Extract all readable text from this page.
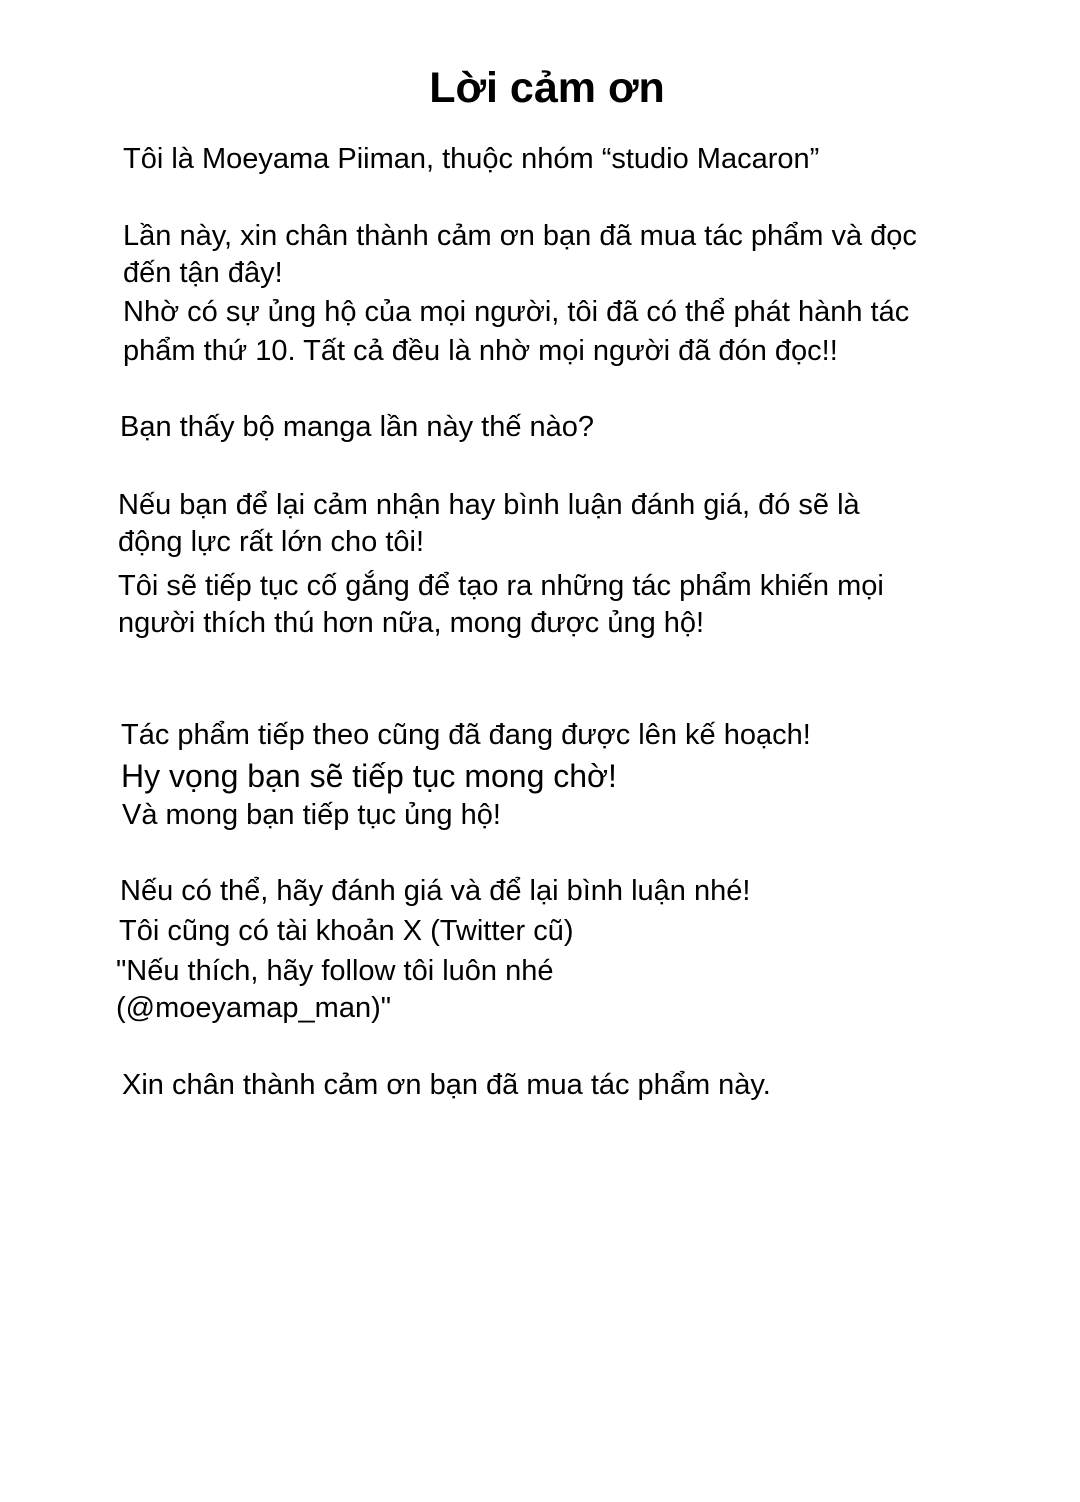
Lời cảm ơn
Tôi là Moeyama Piiman, thuộc nhóm “studio Macaron”
Lần này, xin chân thành cảm ơn bạn đã mua tác phẩm và đọc
đến tận đây!
Nhờ có sự ủng hộ của mọi người, tôi đã có thể phát hành tác
phẩm thứ 10. Tất cả đều là nhờ mọi người đã đón đọc!!
Bạn thấy bộ manga lần này thế nào?
Nếu bạn để lại cảm nhận hay bình luận đánh giá, đó sẽ là
động lực rất lớn cho tôi!
Tôi sẽ tiếp tục cố gắng để tạo ra những tác phẩm khiến mọi
người thích thú hơn nữa, mong được ủng hộ!
Tác phẩm tiếp theo cũng đã đang được lên kế hoạch!
Hy vọng bạn sẽ tiếp tục mong chờ!
Và mong bạn tiếp tục ủng hộ!
Nếu có thể, hãy đánh giá và để lại bình luận nhé!
Tôi cũng có tài khoản X (Twitter cũ)
"Nếu thích, hãy follow tôi luôn nhé
(@moeyamap_man)"
Xin chân thành cảm ơn bạn đã mua tác phẩm này.
